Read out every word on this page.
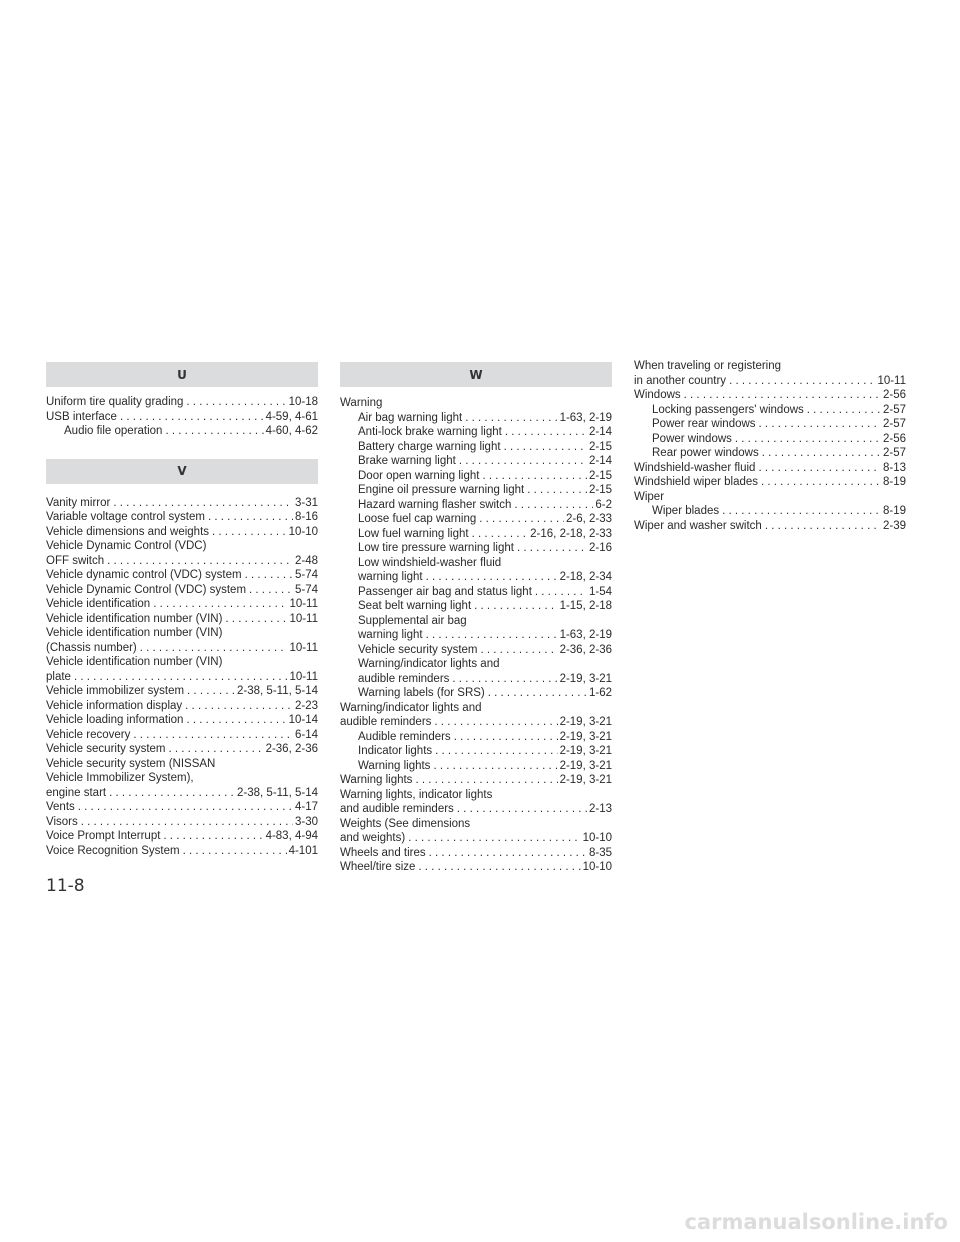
U
Uniform tire quality grading . . .	10-18
USB interface . . .	4-59, 4-61
Audio file operation . . .	4-60, 4-62
V
Vanity mirror . . .	3-31
Variable voltage control system . . .	8-16
Vehicle dimensions and weights . . .	10-10
Vehicle Dynamic Control (VDC)
OFF switch . . .	2-48
Vehicle dynamic control (VDC) system . . .	5-74
Vehicle Dynamic Control (VDC) system . . .	5-74
Vehicle identification . . .	10-11
Vehicle identification number (VIN) . . .	10-11
Vehicle identification number (VIN)
(Chassis number) . . .	10-11
Vehicle identification number (VIN)
plate . . .	10-11
Vehicle immobilizer system . . .	2-38, 5-11, 5-14
Vehicle information display . . .	2-23
Vehicle loading information . . .	10-14
Vehicle recovery . . .	6-14
Vehicle security system . . .	2-36, 2-36
Vehicle security system (NISSAN
Vehicle Immobilizer System),
engine start . . .	2-38, 5-11, 5-14
Vents . . .	4-17
Visors . . .	3-30
Voice Prompt Interrupt . . .	4-83, 4-94
Voice Recognition System . . .	4-101
W
Warning
Air bag warning light . . .	1-63, 2-19
Anti-lock brake warning light . . .	2-14
Battery charge warning light . . .	2-15
Brake warning light . . .	2-14
Door open warning light . . .	2-15
Engine oil pressure warning light . . .	2-15
Hazard warning flasher switch . . .	6-2
Loose fuel cap warning . . .	2-6, 2-33
Low fuel warning light . . .	2-16, 2-18, 2-33
Low tire pressure warning light . . .	2-16
Low windshield-washer fluid
warning light . . .	2-18, 2-34
Passenger air bag and status light . . .	1-54
Seat belt warning light . . .	1-15, 2-18
Supplemental air bag
warning light . . .	1-63, 2-19
Vehicle security system . . .	2-36, 2-36
Warning/indicator lights and
audible reminders . . .	2-19, 3-21
Warning labels (for SRS) . . .	1-62
Warning/indicator lights and
audible reminders . . .	2-19, 3-21
Audible reminders . . .	2-19, 3-21
Indicator lights . . .	2-19, 3-21
Warning lights . . .	2-19, 3-21
Warning lights . . .	2-19, 3-21
Warning lights, indicator lights
and audible reminders . . .	2-13
Weights (See dimensions
and weights) . . .	10-10
Wheels and tires . . .	8-35
Wheel/tire size . . .	10-10
When traveling or registering
in another country . . .	10-11
Windows . . .	2-56
Locking passengers' windows . . .	2-57
Power rear windows . . .	2-57
Power windows . . .	2-56
Rear power windows . . .	2-57
Windshield-washer fluid . . .	8-13
Windshield wiper blades . . .	8-19
Wiper
Wiper blades . . .	8-19
Wiper and washer switch . . .	2-39
11-8
carmanualsonline.info
